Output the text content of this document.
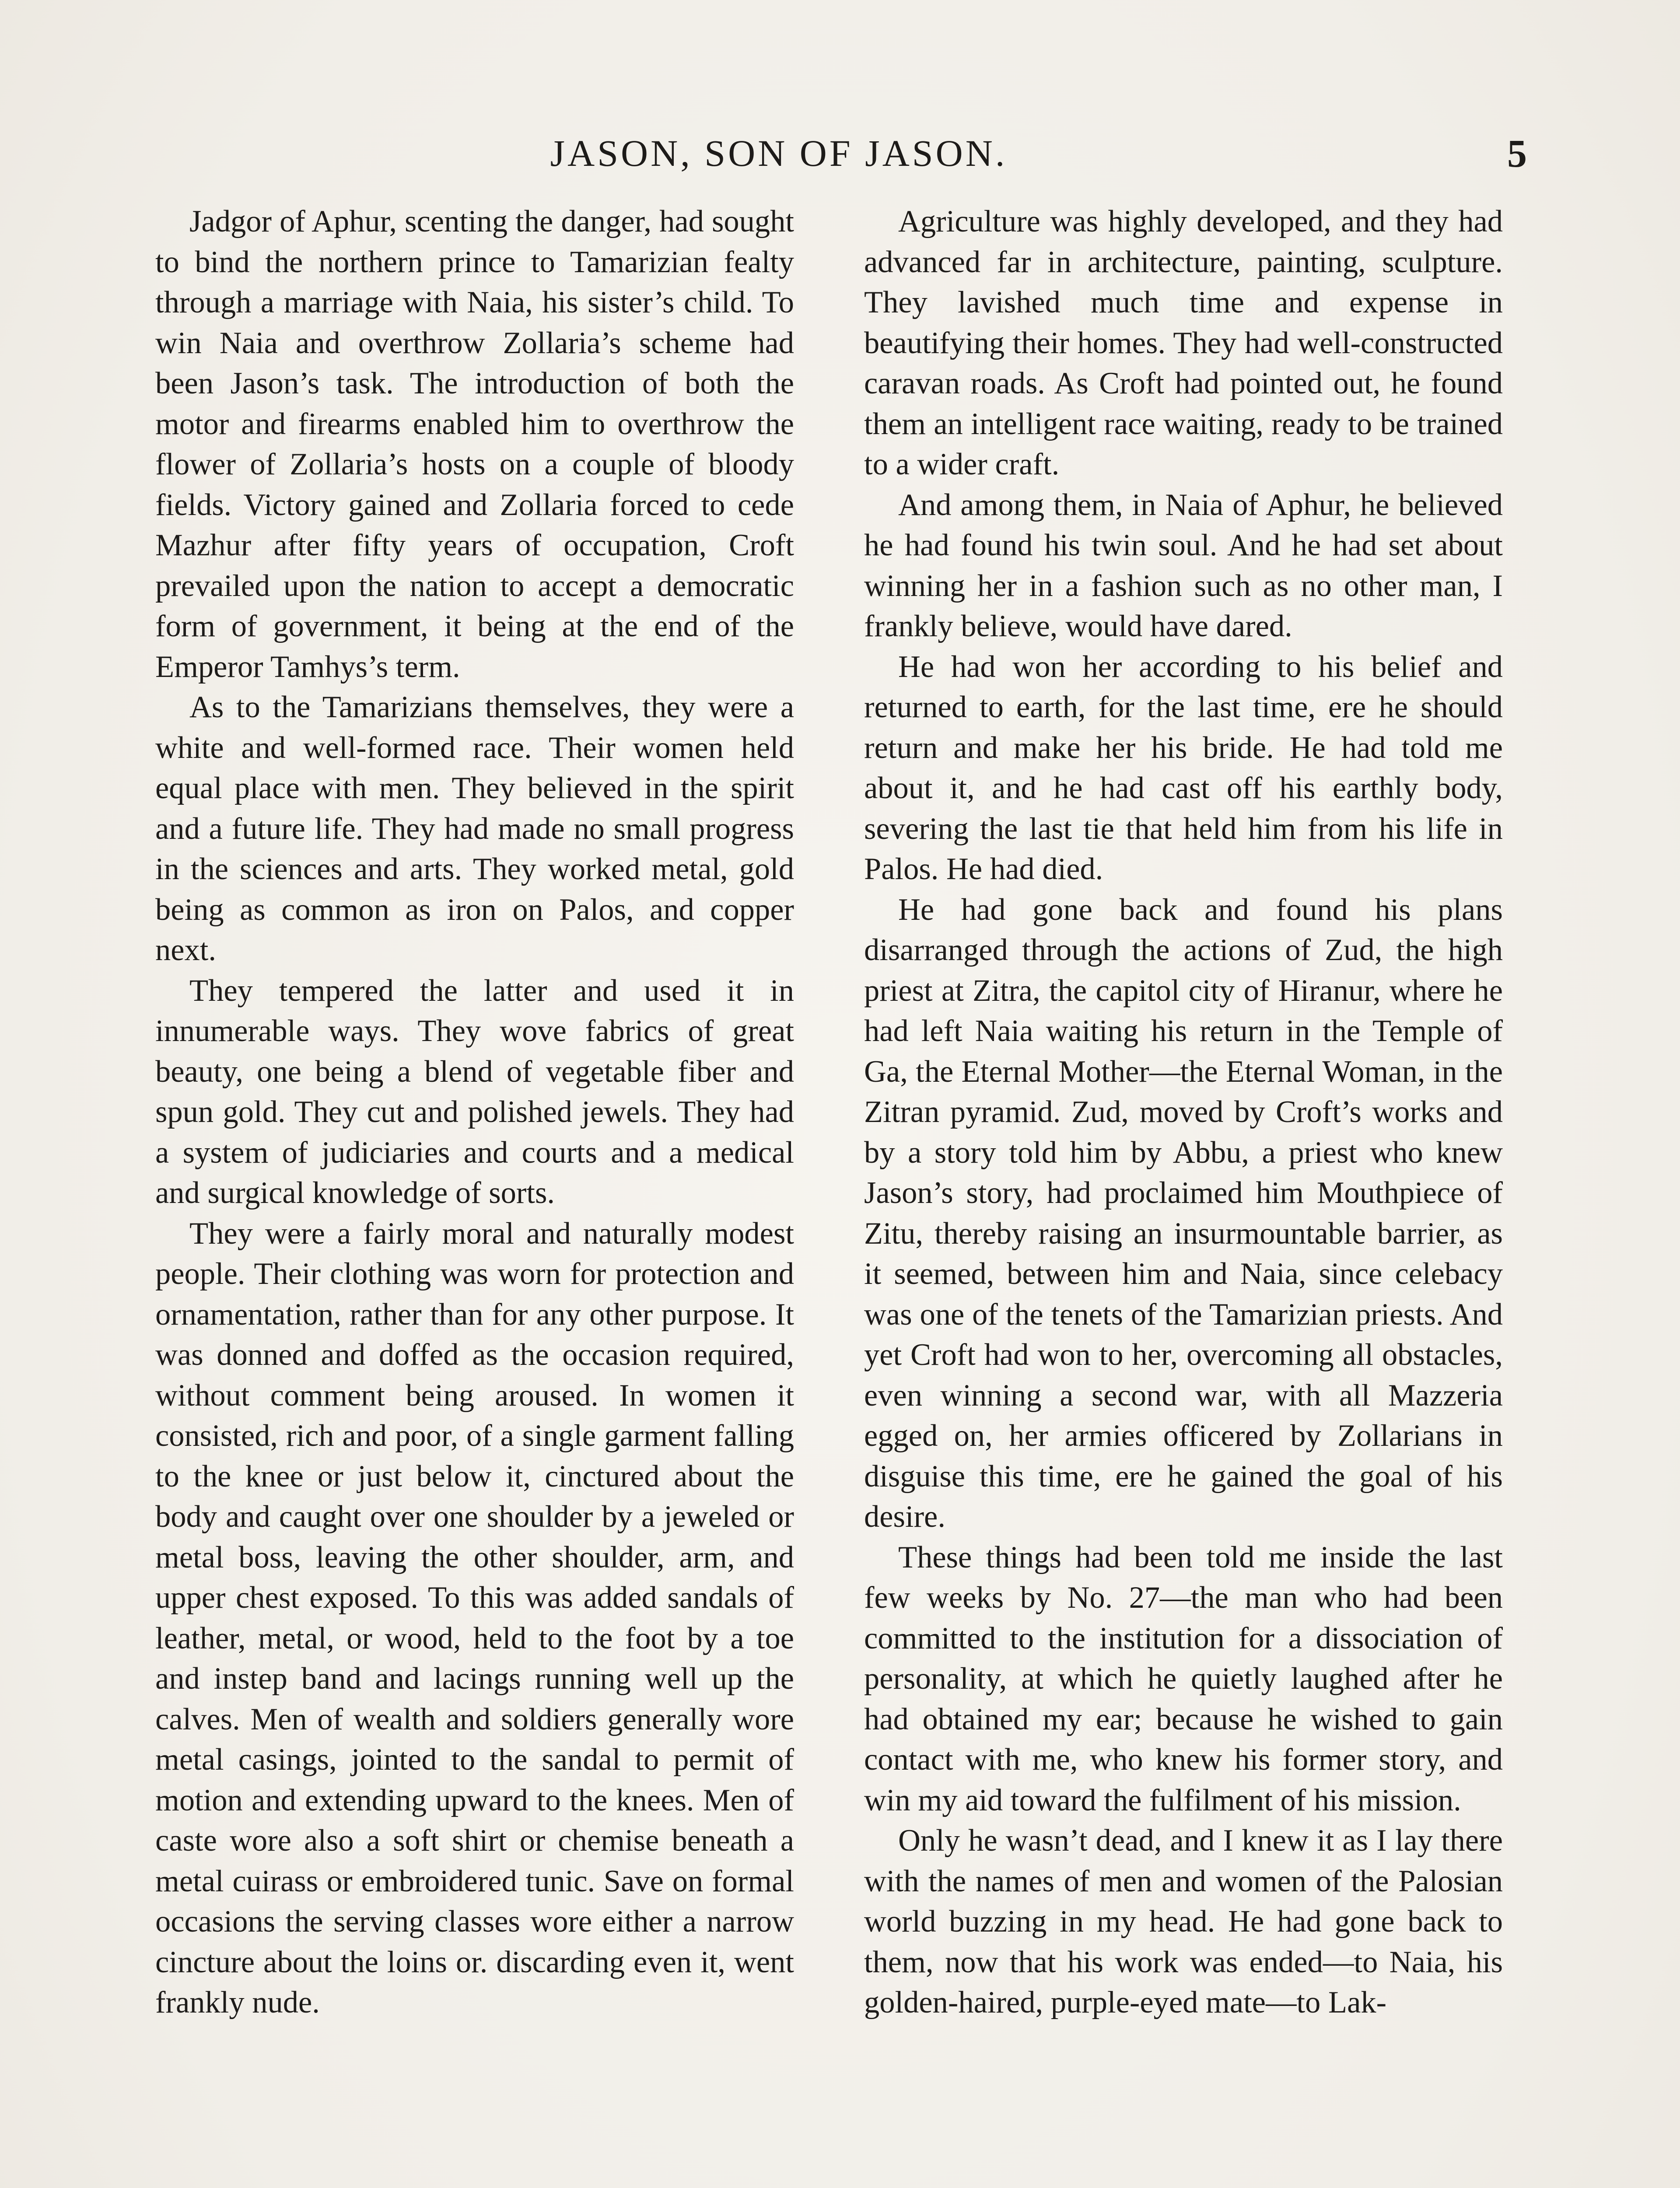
JASON, SON OF JASON.	5

Jadgor of Aphur, scenting the danger, had sought to bind the northern prince to Tamarizian fealty through a marriage with Naia, his sister’s child. To win Naia and overthrow Zollaria’s scheme had been Jason’s task. The introduction of both the motor and firearms enabled him to overthrow the flower of Zollaria’s hosts on a couple of bloody fields. Victory gained and Zollaria forced to cede Mazhur after fifty years of occupation, Croft prevailed upon the nation to accept a democratic form of government, it being at the end of the Emperor Tamhys’s term.

As to the Tamarizians themselves, they were a white and well-formed race. Their women held equal place with men. They believed in the spirit and a future life. They had made no small progress in the sciences and arts. They worked metal, gold being as common as iron on Palos, and copper next.

They tempered the latter and used it in innumerable ways. They wove fabrics of great beauty, one being a blend of vegetable fiber and spun gold. They cut and polished jewels. They had a system of judiciaries and courts and a medical and surgical knowledge of sorts.

They were a fairly moral and naturally modest people. Their clothing was worn for protection and ornamentation, rather than for any other purpose. It was donned and doffed as the occasion required, without comment being aroused. In women it consisted, rich and poor, of a single garment falling to the knee or just below it, cinctured about the body and caught over one shoulder by a jeweled or metal boss, leaving the other shoulder, arm, and upper chest exposed. To this was added sandals of leather, metal, or wood, held to the foot by a toe and instep band and lacings running well up the calves. Men of wealth and soldiers generally wore metal casings, jointed to the sandal to permit of motion and extending upward to the knees. Men of caste wore also a soft shirt or chemise beneath a metal cuirass or embroidered tunic. Save on formal occasions the serving classes wore either a narrow cincture about the loins or. discarding even it, went frankly nude.

Agriculture was highly developed, and they had advanced far in architecture, painting, sculpture. They lavished much time and expense in beautifying their homes. They had well-constructed caravan roads. As Croft had pointed out, he found them an intelligent race waiting, ready to be trained to a wider craft.

And among them, in Naia of Aphur, he believed he had found his twin soul. And he had set about winning her in a fashion such as no other man, I frankly believe, would have dared.

He had won her according to his belief and returned to earth, for the last time, ere he should return and make her his bride. He had told me about it, and he had cast off his earthly body, severing the last tie that held him from his life in Palos. He had died.

He had gone back and found his plans disarranged through the actions of Zud, the high priest at Zitra, the capitol city of Hiranur, where he had left Naia waiting his return in the Temple of Ga, the Eternal Mother—the Eternal Woman, in the Zitran pyramid. Zud, moved by Croft’s works and by a story told him by Abbu, a priest who knew Jason’s story, had proclaimed him Mouthpiece of Zitu, thereby raising an insurmountable barrier, as it seemed, between him and Naia, since celebacy was one of the tenets of the Tamarizian priests. And yet Croft had won to her, overcoming all obstacles, even winning a second war, with all Mazzeria egged on, her armies officered by Zollarians in disguise this time, ere he gained the goal of his desire.

These things had been told me inside the last few weeks by No. 27—the man who had been committed to the institution for a dissociation of personality, at which he quietly laughed after he had obtained my ear; because he wished to gain contact with me, who knew his former story, and win my aid toward the fulfilment of his mission.

Only he wasn’t dead, and I knew it as I lay there with the names of men and women of the Palosian world buzzing in my head. He had gone back to them, now that his work was ended—to Naia, his golden-haired, purple-eyed mate—to Lak-
